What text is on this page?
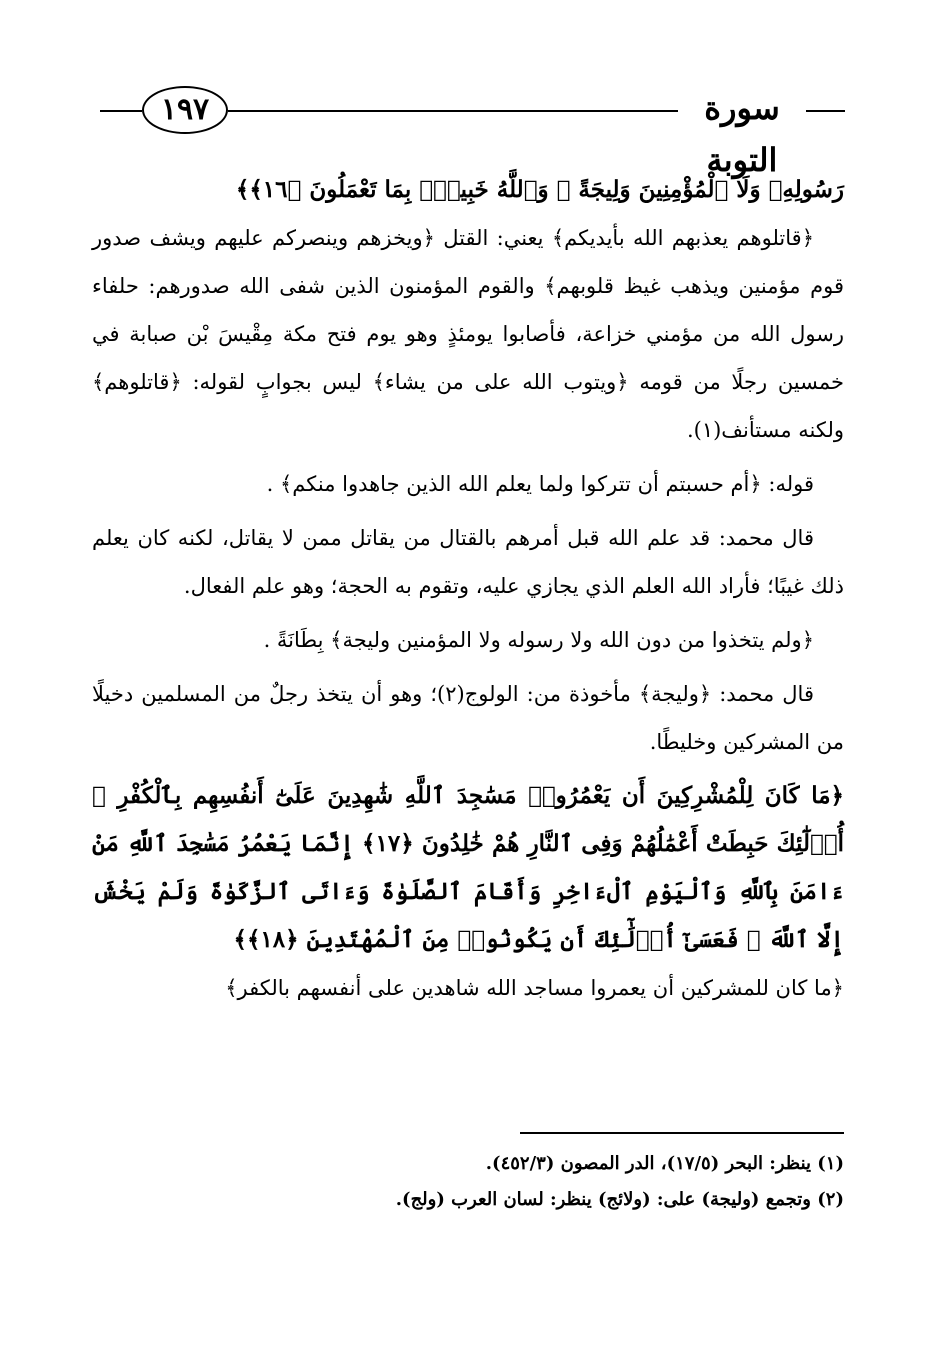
١٩٧	سورة التوبة

رَسُولِهِۦ وَلَا ٱلْمُؤْمِنِينَ وَلِيجَةً ۚ وَٱللَّهُ خَبِيرٌۢ بِمَا تَعْمَلُونَ ﴿١٦﴾﴾

﴿قاتلوهم يعذبهم الله بأيديكم﴾ يعني: القتل ﴿ويخزهم وينصركم عليهم ويشف صدور قوم مؤمنين ويذهب غيظ قلوبهم﴾ والقوم المؤمنون الذين شفى الله صدورهم: حلفاء رسول الله من مؤمني خزاعة، فأصابوا يومئذٍ وهو يوم فتح مكة مِقْيسَ بْن صبابة في خمسين رجلًا من قومه ﴿ويتوب الله على من يشاء﴾ ليس بجوابٍ لقوله: ﴿قاتلوهم﴾ ولكنه مستأنف(١).

قوله: ﴿أم حسبتم أن تتركوا ولما يعلم الله الذين جاهدوا منكم﴾ .

قال محمد: قد علم الله قبل أمرهم بالقتال من يقاتل ممن لا يقاتل، لكنه كان يعلم ذلك غيبًا؛ فأراد الله العلم الذي يجازي عليه، وتقوم به الحجة؛ وهو علم الفعال.

﴿ولم يتخذوا من دون الله ولا رسوله ولا المؤمنين وليجة﴾ بِطَانَةً .

قال محمد: ﴿وليجة﴾ مأخوذة من: الولوج(٢)؛ وهو أن يتخذ رجلٌ من المسلمين دخيلًا من المشركين وخليطًا.

﴿مَا كَانَ لِلْمُشْرِكِينَ أَن يَعْمُرُوا۟ مَسَٰجِدَ ٱللَّهِ شَٰهِدِينَ عَلَىٰٓ أَنفُسِهِم بِٱلْكُفْرِ ۚ أُو۟لَٰٓئِكَ حَبِطَتْ أَعْمَٰلُهُمْ وَفِى ٱلنَّارِ هُمْ خَٰلِدُونَ ﴿١٧﴾ إِنَّمَا يَعْمُرُ مَسَٰجِدَ ٱللَّهِ مَنْ ءَامَنَ بِٱللَّهِ وَٱلْيَوْمِ ٱلْءَاخِرِ وَأَقَامَ ٱلصَّلَوٰةَ وَءَاتَى ٱلزَّكَوٰةَ وَلَمْ يَخْشَ إِلَّا ٱللَّهَ ۖ فَعَسَىٰٓ أُو۟لَٰٓئِكَ أَن يَكُونُوا۟ مِنَ ٱلْمُهْتَدِينَ ﴿١٨﴾﴾

﴿ما كان للمشركين أن يعمروا مساجد الله شاهدين على أنفسهم بالكفر﴾

(١) ينظر: البحر (١٧/٥)، الدر المصون (٤٥٢/٣).

(٢) وتجمع (وليجة) على: (ولائج) ينظر: لسان العرب (ولج).
